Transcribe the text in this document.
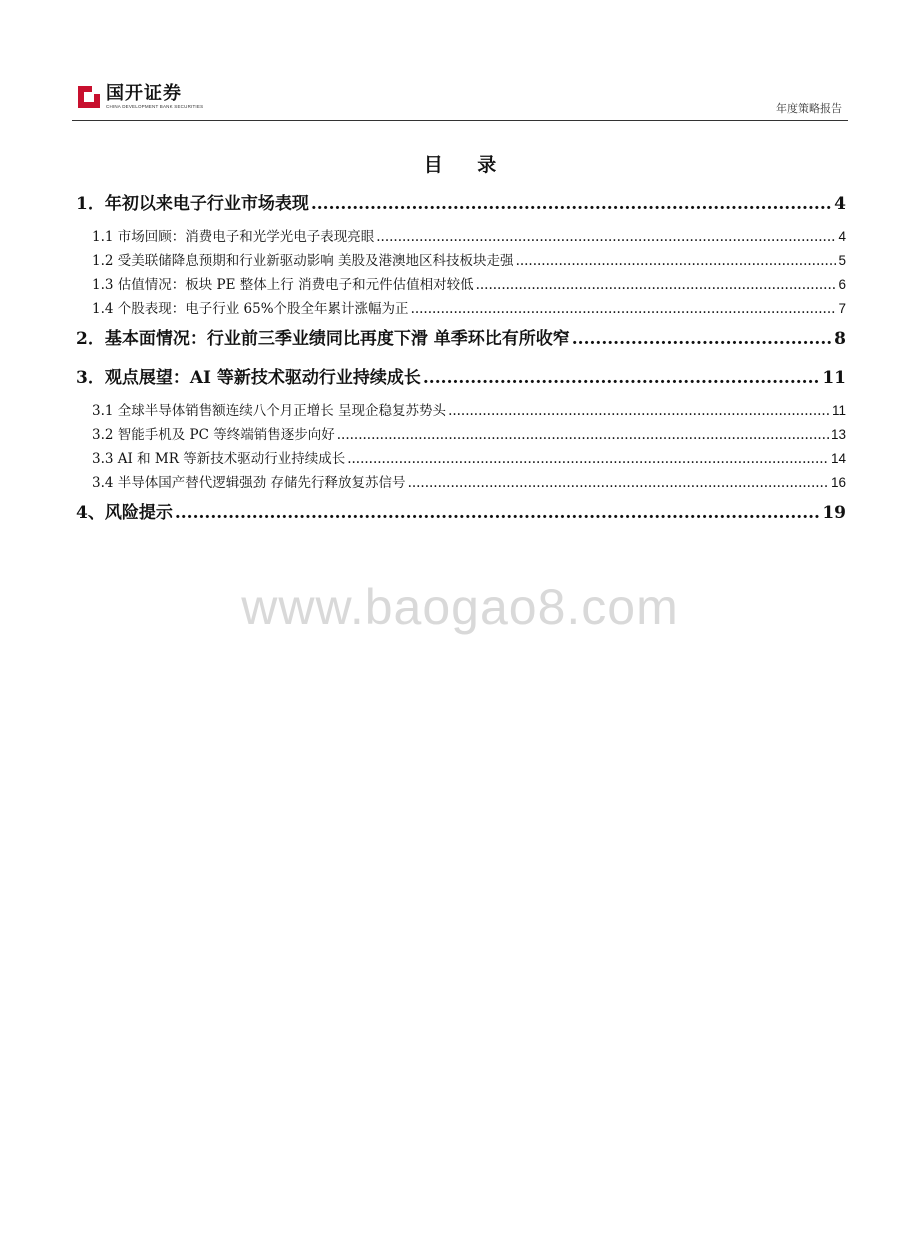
国开证券
CHINA DEVELOPMENT BANK SECURITIES	年度策略报告
目 录
1．年初以来电子行业市场表现 .....	4
1.1 市场回顾：消费电子和光学光电子表现亮眼 .....	4
1.2 受美联储降息预期和行业新驱动影响 美股及港澳地区科技板块走强 .....	5
1.3 估值情况：板块 PE 整体上行 消费电子和元件估值相对较低 .....	6
1.4 个股表现：电子行业 65%个股全年累计涨幅为正 .....	7
2．基本面情况：行业前三季业绩同比再度下滑 单季环比有所收窄 .....	8
3．观点展望：AI 等新技术驱动行业持续成长 .....	11
3.1 全球半导体销售额连续八个月正增长 呈现企稳复苏势头 .....	11
3.2 智能手机及 PC 等终端销售逐步向好 .....	13
3.3 AI 和 MR 等新技术驱动行业持续成长 .....	14
3.4 半导体国产替代逻辑强劲 存储先行释放复苏信号 .....	16
4、风险提示 .....	19
www.baogao8.com
